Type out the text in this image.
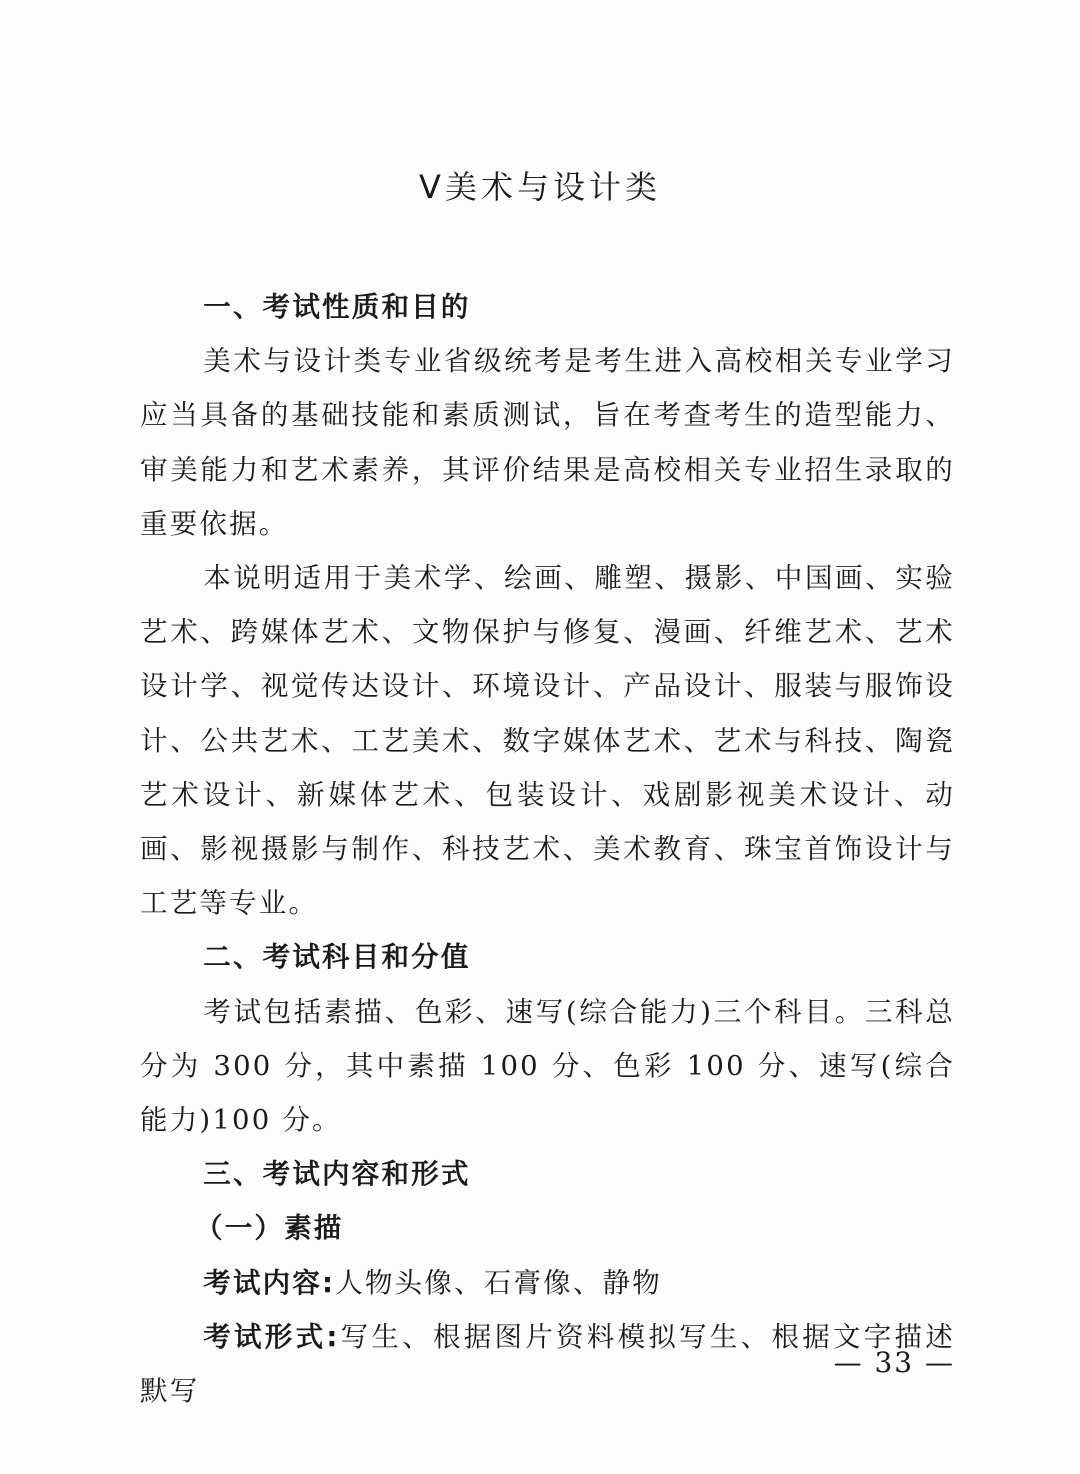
Ⅴ美术与设计类
一、考试性质和目的

美术与设计类专业省级统考是考生进入高校相关专业学习应当具备的基础技能和素质测试，旨在考查考生的造型能力、审美能力和艺术素养，其评价结果是高校相关专业招生录取的重要依据。

本说明适用于美术学、绘画、雕塑、摄影、中国画、实验艺术、跨媒体艺术、文物保护与修复、漫画、纤维艺术、艺术设计学、视觉传达设计、环境设计、产品设计、服装与服饰设计、公共艺术、工艺美术、数字媒体艺术、艺术与科技、陶瓷艺术设计、新媒体艺术、包装设计、戏剧影视美术设计、动画、影视摄影与制作、科技艺术、美术教育、珠宝首饰设计与工艺等专业。

二、考试科目和分值

考试包括素描、色彩、速写(综合能力)三个科目。三科总分为 300 分，其中素描 100 分、色彩 100 分、速写(综合能力)100 分。

三、考试内容和形式
（一）素描

考试内容:人物头像、石膏像、静物

考试形式:写生、根据图片资料模拟写生、根据文字描述默写

— 33 —
